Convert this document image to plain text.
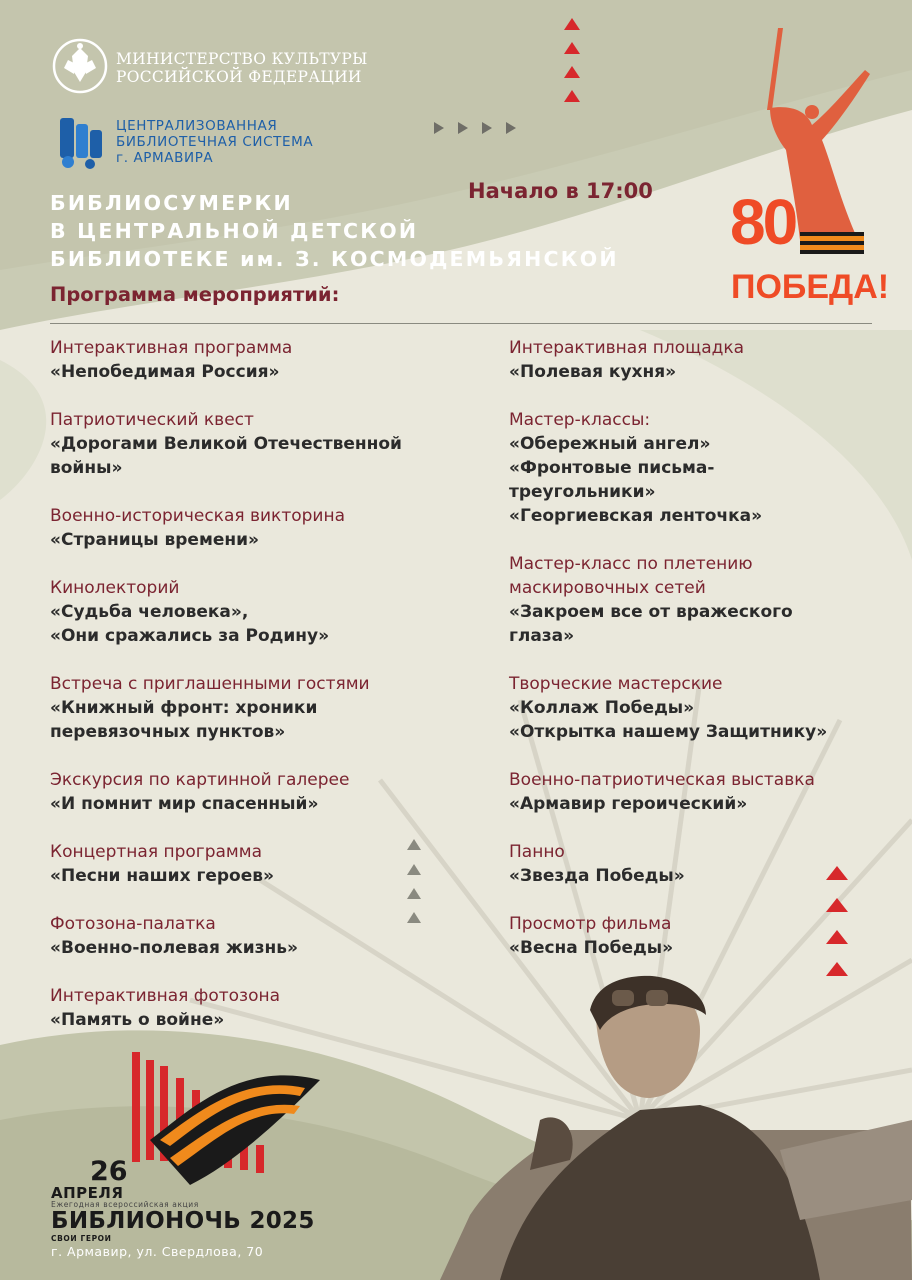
МИНИСТЕРСТВО КУЛЬТУРЫ
РОССИЙСКОЙ ФЕДЕРАЦИИ
ЦЕНТРАЛИЗОВАННАЯ
БИБЛИОТЕЧНАЯ СИСТЕМА
г. АРМАВИРА
БИБЛИОСУМЕРКИ
В ЦЕНТРАЛЬНОЙ ДЕТСКОЙ
БИБЛИОТЕКЕ им. З. КОСМОДЕМЬЯНСКОЙ
Начало в 17:00 80
ПОБЕДА!
Программа мероприятий:
Интерактивная программа
«Непобедимая Россия»
Патриотический квест
«Дорогами Великой Отечественной
войны»
Военно-историческая викторина
«Страницы времени»
Кинолекторий
«Судьба человека»,
«Они сражались за Родину»
Встреча с приглашенными гостями
«Книжный фронт: хроники
перевязочных пунктов»
Экскурсия по картинной галерее
«И помнит мир спасенный»
Концертная программа
«Песни наших героев»
Фотозона-палатка
«Военно-полевая жизнь»
Интерактивная фотозона
«Память о войне»
Интерактивная площадка
«Полевая кухня»
Мастер-классы:
«Обережный ангел»
«Фронтовые письма-
треугольники»
«Георгиевская ленточка»
Мастер-класс по плетению
маскировочных сетей
«Закроем все от вражеского
глаза»
Творческие мастерские
«Коллаж Победы»
«Открытка нашему Защитнику»
Военно-патриотическая выставка
«Армавир героический»
Панно
«Звезда Победы»
Просмотр фильма
«Весна Победы»
26
АПРЕЛЯ
Ежегодная всероссийская акция
БИБЛИОНОЧЬ 2025
СВОИ ГЕРОИ
г. Армавир, ул. Свердлова, 70
